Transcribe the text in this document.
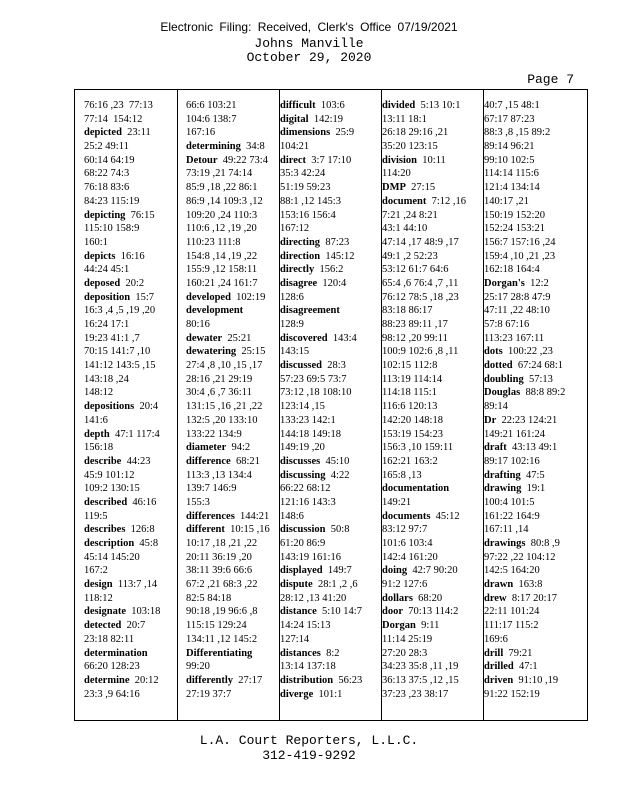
Electronic Filing: Received, Clerk's Office 07/19/2021
Johns Manville
October 29, 2020
Page 7
76:16 ,23  77:13
77:14  154:12
depicted  23:11
25:2 49:11
60:14 64:19
68:22 74:3
76:18 83:6
84:23 115:19
depicting  76:15
115:10 158:9
160:1
depicts  16:16
44:24 45:1
deposed  20:2
deposition  15:7
16:3 ,4 ,5 ,19 ,20
16:24 17:1
19:23 41:1 ,7
70:15 141:7 ,10
141:12 143:5 ,15
143:18 ,24
148:12
depositions  20:4
141:6
depth  47:1 117:4
156:18
describe  44:23
45:9 101:12
109:2 130:15
described  46:16
119:5
describes  126:8
description  45:8
45:14 145:20
167:2
design  113:7 ,14
118:12
designate  103:18
detected  20:7
23:18 82:11
determination
66:20 128:23
determine  20:12
23:3 ,9 64:16
66:6 103:21
104:6 138:7
167:16
determining  34:8
Detour  49:22 73:4
73:19 ,21 74:14
85:9 ,18 ,22 86:1
86:9 ,14 109:3 ,12
109:20 ,24 110:3
110:6 ,12 ,19 ,20
110:23 111:8
154:8 ,14 ,19 ,22
155:9 ,12 158:11
160:21 ,24 161:7
developed  102:19
development
80:16
dewater  25:21
dewatering  25:15
27:4 ,8 ,10 ,15 ,17
28:16 ,21 29:19
30:4 ,6 ,7 36:11
131:15 ,16 ,21 ,22
132:5 ,20 133:10
133:22 134:9
diameter  94:2
difference  68:21
113:3 ,13 134:4
139:7 146:9
155:3
differences  144:21
different  10:15 ,16
10:17 ,18 ,21 ,22
20:11 36:19 ,20
38:11 39:6 66:6
67:2 ,21 68:3 ,22
82:5 84:18
90:18 ,19 96:6 ,8
115:15 129:24
134:11 ,12 145:2
Differentiating
99:20
differently  27:17
27:19 37:7
difficult  103:6
digital  142:19
dimensions  25:9
104:21
direct  3:7 17:10
35:3 42:24
51:19 59:23
88:1 ,12 145:3
153:16 156:4
167:12
directing  87:23
direction  145:12
directly  156:2
disagree  120:4
128:6
disagreement
128:9
discovered  143:4
143:15
discussed  28:3
57:23 69:5 73:7
73:12 ,18 108:10
123:14 ,15
133:23 142:1
144:18 149:18
149:19 ,20
discusses  45:10
discussing  4:22
66:22 68:12
121:16 143:3
148:6
discussion  50:8
61:20 86:9
143:19 161:16
displayed  149:7
dispute  28:1 ,2 ,6
28:12 ,13 41:20
distance  5:10 14:7
14:24 15:13
127:14
distances  8:2
13:14 137:18
distribution  56:23
diverge  101:1
divided  5:13 10:1
13:11 18:1
26:18 29:16 ,21
35:20 123:15
division  10:11
114:20
DMP  27:15
document  7:12 ,16
7:21 ,24 8:21
43:1 44:10
47:14 ,17 48:9 ,17
49:1 ,2 52:23
53:12 61:7 64:6
65:4 ,6 76:4 ,7 ,11
76:12 78:5 ,18 ,23
83:18 86:17
88:23 89:11 ,17
98:12 ,20 99:11
100:9 102:6 ,8 ,11
102:15 112:8
113:19 114:14
114:18 115:1
116:6 120:13
142:20 148:18
153:19 154:23
156:3 ,10 159:11
162:21 163:2
165:8 ,13
documentation
149:21
documents  45:12
83:12 97:7
101:6 103:4
142:4 161:20
doing  42:7 90:20
91:2 127:6
dollars  68:20
door  70:13 114:2
Dorgan  9:11
11:14 25:19
27:20 28:3
34:23 35:8 ,11 ,19
36:13 37:5 ,12 ,15
37:23 ,23 38:17
40:7 ,15 48:1
67:17 87:23
88:3 ,8 ,15 89:2
89:14 96:21
99:10 102:5
114:14 115:6
121:4 134:14
140:17 ,21
150:19 152:20
152:24 153:21
156:7 157:16 ,24
159:4 ,10 ,21 ,23
162:18 164:4
Dorgan's  12:2
25:17 28:8 47:9
47:11 ,22 48:10
57:8 67:16
113:23 167:11
dots  100:22 ,23
dotted  67:24 68:1
doubling  57:13
Douglas  88:8 89:2
89:14
Dr  22:23 124:21
149:21 161:24
draft  43:13 49:1
89:17 102:16
drafting  47:5
drawing  19:1
100:4 101:5
161:22 164:9
167:11 ,14
drawings  80:8 ,9
97:22 ,22 104:12
142:5 164:20
drawn  163:8
drew  8:17 20:17
22:11 101:24
111:17 115:2
169:6
drill  79:21
drilled  47:1
driven  91:10 ,19
91:22 152:19
L.A. Court Reporters, L.L.C.
312-419-9292
